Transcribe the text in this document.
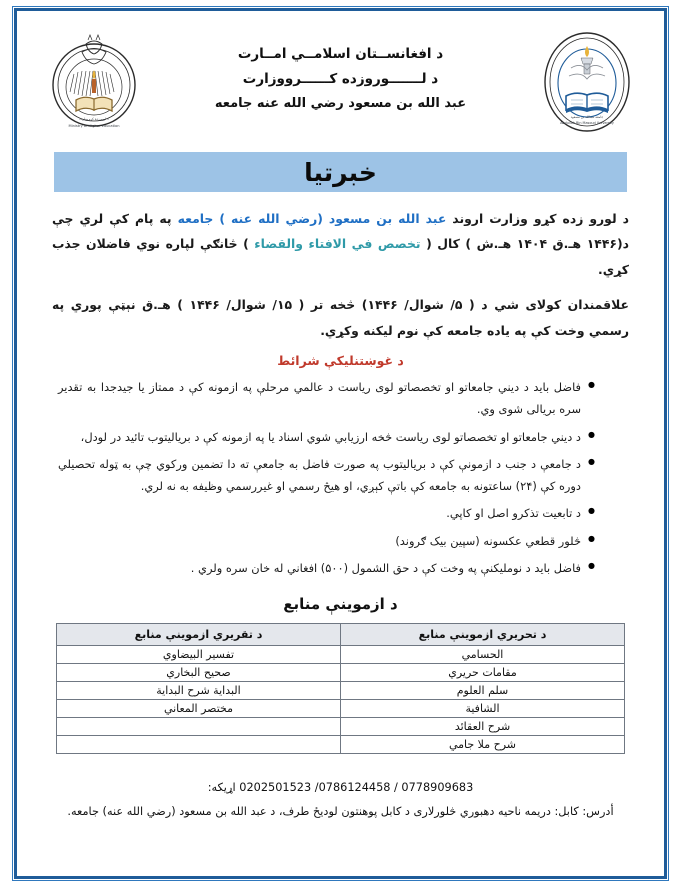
Abdullah Bin Masoud University
جامعه عبدالله بن مسعود
د افغانســتان اسلامــي امــارت
د لـــــــوروزده کــــــرووزارت
عبد الله بن مسعود رضي الله عنه جامعه
Ministry of Higher Education
د لوړو زده کړو وزارت
خبرتیا

د لورو زده کړو وزارت اروند عبد الله بن مسعود (رضي الله عنه ) جامعه په پام کې لري چې د(۱۴۴۶ هـ.ق ۱۴۰۴ هـ.ش ) کال ( تخصص في الافتاء والقضاء ) څانګې لپاره نوي فاضلان جذب کړي.

علاقمندان کولای شي د ( ۵/ شوال/ ۱۴۴۶) څخه تر ( ۱۵/ شوال/ ۱۴۴۶ ) هـ.ق نېټې پوري په رسمي وخت کې په یاده جامعه کې نوم لیکنه وکړي.

د غوښتنلیکې شرائط
● فاضل باید د دیني جامعاتو او تخصصاتو لوی ریاست د عالمي مرحلې په ازمونه کې د ممتاز یا جیدجدا به تقدیر سره بریالی شوی وي.
● د دیني جامعاتو او تخصصاتو لوی ریاست څخه ارزیابي شوي اسناد یا په ازمونه کې د بریالیتوب تائید در لودل،
● د جامعې د جنب د ازمونې کې د بریالیتوب په صورت فاضل به جامعې ته دا تضمین ورکوي چې به ټوله تحصیلي دوره کې (۲۴) ساعتونه به جامعه کې باتې کېږي، او هیڅ رسمي او غیررسمي وظیفه به نه لري.
● د تابعیت تذکرو اصل او کاپي.
● څلور قطعي عکسونه (سپین بیک ګروند)
● فاضل باید د نوملیکنې په وخت کې د حق الشمول (۵۰۰) افغاني له خان سره ولري .
د ازموینې منابع
د تحریري ازموینې منابع	د تقریري ازموینې منابع
الحسامي	تفسير البيضاوي
مقامات حريري	صحيح البخاري
سلم العلوم	البداية شرح البداية
الشافية	مختصر المعاني
شرح العقائد	
شرح ملا جامي	
0202501523 /0786124458 / 0778909683 اړیکه:
أدرس: کابل: دریمه ناحیه دهبوري څلورلاری د کابل پوهنتون لودیځ طرف، د عبد الله بن مسعود (رضي الله عنه) جامعه.
